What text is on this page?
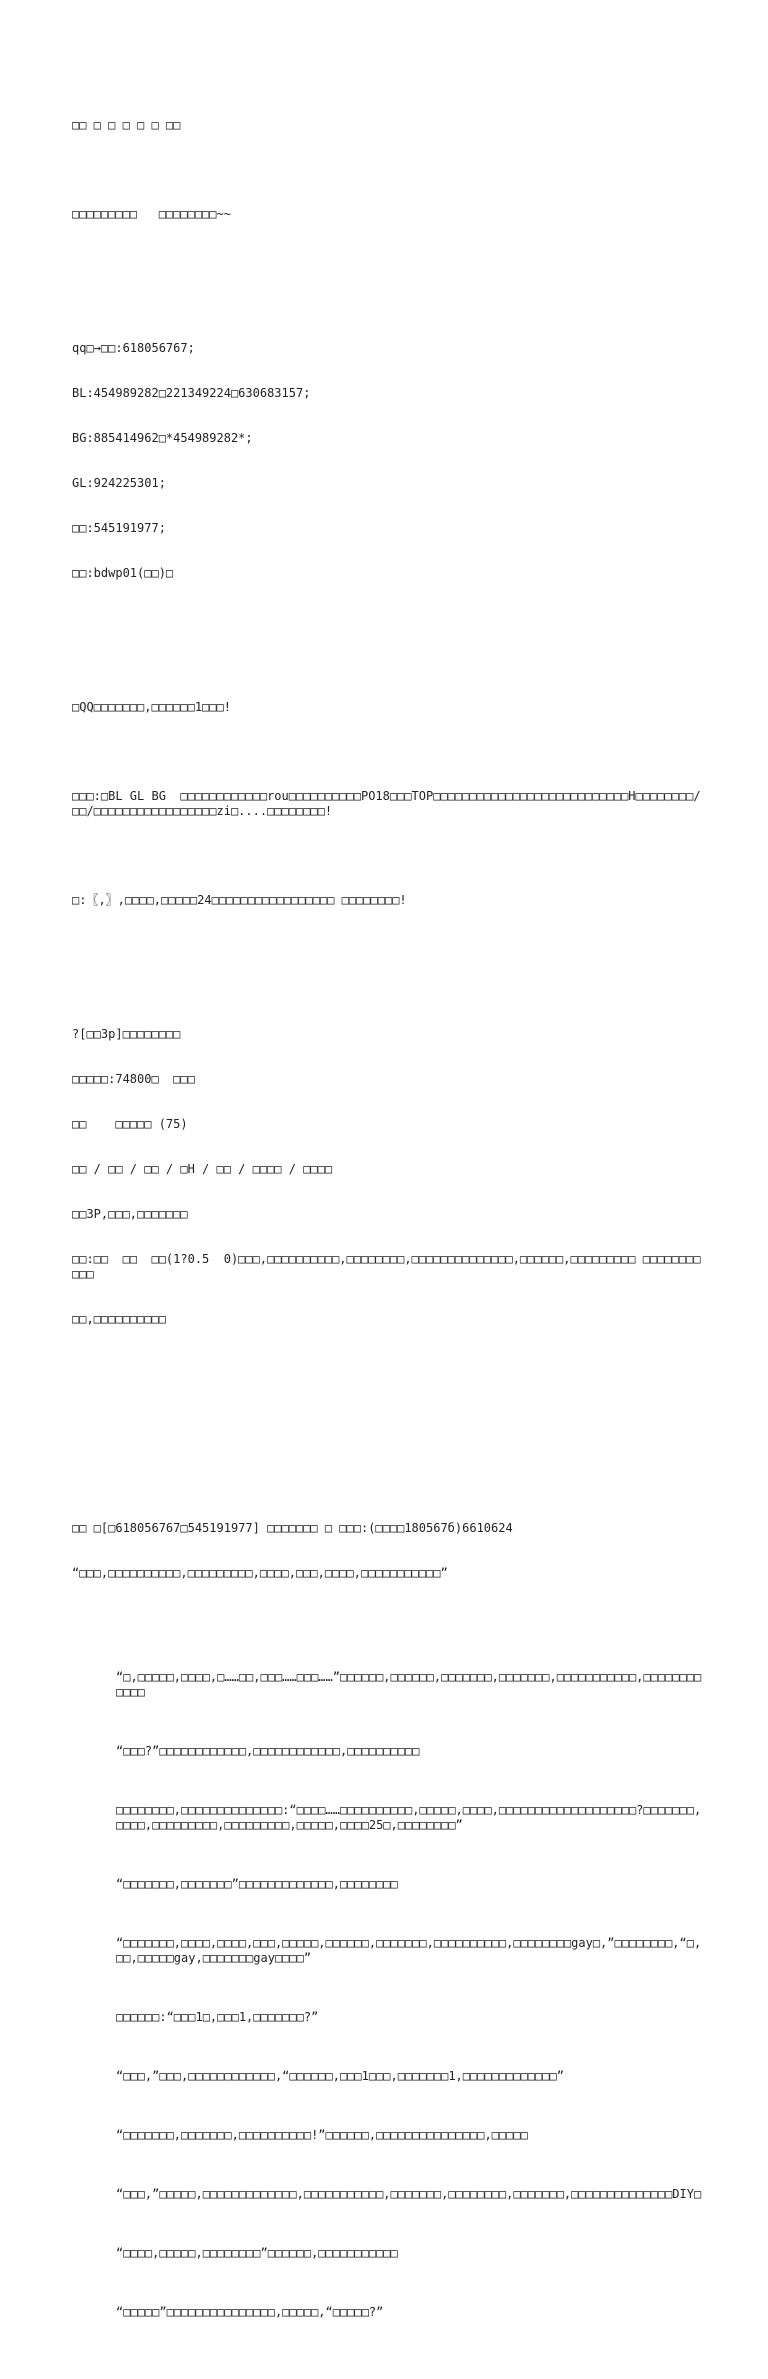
□□ □ □ □ □ □ □□

□□□□□□□□□   □□□□□□□□~~

qq□→□□:618056767;

BL:454989282□221349224□630683157;

BG:885414962□*454989282*;

GL:924225301;

□□:545191977;

□□:bdwp01(□□)□

□QQ□□□□□□□,□□□□□□1□□□!

□□□:□BL GL BG  □□□□□□□□□□□□rou□□□□□□□□□□PO18□□□TOP□□□□□□□□□□□□□□□□□□□□□□□□□□□H□□□□□□□□/□□/□□□□□□□□□□□□□□□□□zi□....□□□□□□□□!

□:〖,〗,□□□□,□□□□□24□□□□□□□□□□□□□□□□□ □□□□□□□□!

?[□□3p]□□□□□□□□

□□□□□:74800□  □□□

□□    □□□□□ (75)

□□ / □□ / □□ / □H / □□ / □□□□ / □□□□

□□3P,□□□,□□□□□□□

□□:□□  □□  □□(1?0.5  0)□□□,□□□□□□□□□□,□□□□□□□□,□□□□□□□□□□□□□□,□□□□□□,□□□□□□□□□ □□□□□□□□□□□

□□,□□□□□□□□□□

□□ □[□618056767□545191977] □□□□□□□ □ □□□:(□□□□180567б)6610624

“□□□,□□□□□□□□□□,□□□□□□□□□,□□□□,□□□,□□□□,□□□□□□□□□□□”

“□,□□□□□,□□□□,□……□□,□□□……□□□……”□□□□□□,□□□□□□,□□□□□□□,□□□□□□□,□□□□□□□□□□□,□□□□□□□□□□□□

“□□□?”□□□□□□□□□□□□,□□□□□□□□□□□□,□□□□□□□□□□

□□□□□□□□,□□□□□□□□□□□□□□:“□□□□……□□□□□□□□□□,□□□□□,□□□□,□□□□□□□□□□□□□□□□□□□?□□□□□□□,□□□□,□□□□□□□□□,□□□□□□□□□,□□□□□,□□□□25□,□□□□□□□□”

“□□□□□□□,□□□□□□□”□□□□□□□□□□□□□,□□□□□□□□

“□□□□□□□,□□□□,□□□□,□□□,□□□□□,□□□□□□,□□□□□□□,□□□□□□□□□□,□□□□□□□□gay□,”□□□□□□□□,“□,□□,□□□□□gay,□□□□□□□gay□□□□”

□□□□□□:“□□□1□,□□□1,□□□□□□□?”

“□□□,”□□□,□□□□□□□□□□□□,“□□□□□□,□□□1□□□,□□□□□□□1,□□□□□□□□□□□□□”

“□□□□□□□,□□□□□□□,□□□□□□□□□□!”□□□□□□,□□□□□□□□□□□□□□□,□□□□□

“□□□,”□□□□□,□□□□□□□□□□□□□,□□□□□□□□□□□,□□□□□□□,□□□□□□□□,□□□□□□□,□□□□□□□□□□□□□□DIY□

“□□□□,□□□□□,□□□□□□□□”□□□□□□,□□□□□□□□□□□

“□□□□□”□□□□□□□□□□□□□□□,□□□□□,“□□□□□?”
